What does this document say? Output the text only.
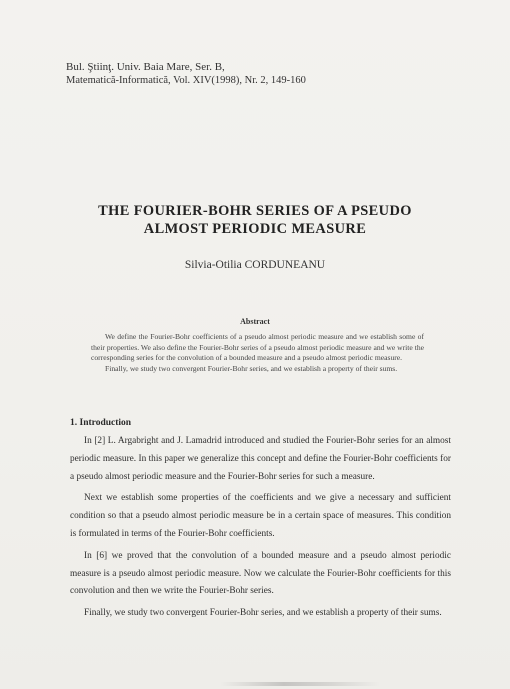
Bul. Ştiinţ. Univ. Baia Mare, Ser. B,
Matematică-Informatică, Vol. XIV(1998), Nr. 2, 149-160
THE FOURIER-BOHR SERIES OF A PSEUDO
ALMOST PERIODIC MEASURE
Silvia-Otilia CORDUNEANU
Abstract

We define the Fourier-Bohr coefficients of a pseudo almost periodic measure and we establish some of their properties. We also define the Fourier-Bohr series of a pseudo almost periodic measure and we write the corresponding series for the convolution of a bounded measure and a pseudo almost periodic measure.

Finally, we study two convergent Fourier-Bohr series, and we establish a property of their sums.

1. Introduction

In [2] L. Argabright and J. Lamadrid introduced and studied the Fourier-Bohr series for an almost periodic measure. In this paper we generalize this concept and define the Fourier-Bohr coefficients for a pseudo almost periodic measure and the Fourier-Bohr series for such a measure.

Next we establish some properties of the coefficients and we give a necessary and sufficient condition so that a pseudo almost periodic measure be in a certain space of measures. This condition is formulated in terms of the Fourier-Bohr coefficients.

In [6] we proved that the convolution of a bounded measure and a pseudo almost periodic measure is a pseudo almost periodic measure. Now we calculate the Fourier-Bohr coefficients for this convolution and then we write the Fourier-Bohr series.

Finally, we study two convergent Fourier-Bohr series, and we establish a property of their sums.
